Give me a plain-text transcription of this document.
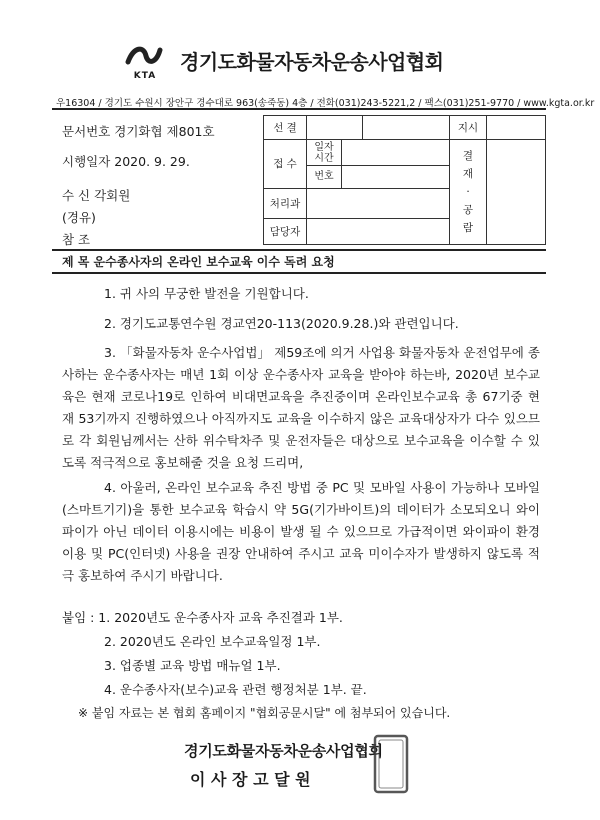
KTA
경기도화물자동차운송사업협회
우16304 / 경기도 수원시 장안구 경수대로 963(송죽동) 4층 / 전화(031)243-5221,2 / 팩스(031)251-9770 / www.kgta.or.kr
문서번호 경기화협 제801호
시행일자 2020. 9. 29.
수 신 각회원
(경유)
참 조
선 결				지시	
접 수	일자 시간			결재·공람	
	번호				
처리과					
담당자					
제 목 운수종사자의 온라인 보수교육 이수 독려 요청
1. 귀 사의 무궁한 발전을 기원합니다.
2. 경기도교통연수원 경교연20-113(2020.9.28.)와 관련입니다.
3. 「화물자동차 운수사업법」 제59조에 의거 사업용 화물자동차 운전업무에 종사하는 운수종사자는 매년 1회 이상 운수종사자 교육을 받아야 하는바, 2020년 보수교육은 현재 코로나19로 인하여 비대면교육을 추진중이며 온라인보수교육 총 67기중 현재 53기까지 진행하였으나 아직까지도 교육을 이수하지 않은 교육대상자가 다수 있으므로 각 회원님께서는 산하 위수탁차주 및 운전자들은 대상으로 보수교육을 이수할 수 있도록 적극적으로 홍보해줄 것을 요청 드리며,
4. 아울러, 온라인 보수교육 추진 방법 중 PC 및 모바일 사용이 가능하나 모바일(스마트기기)을 통한 보수교육 학습시 약 5G(기가바이트)의 데이터가 소모되오니 와이파이가 아닌 데이터 이용시에는 비용이 발생 될 수 있으므로 가급적이면 와이파이 환경 이용 및 PC(인터넷) 사용을 권장 안내하여 주시고 교육 미이수자가 발생하지 않도록 적극 홍보하여 주시기 바랍니다.
붙임 : 1. 2020년도 운수종사자 교육 추진결과 1부.
2. 2020년도 온라인 보수교육일정 1부.
3. 업종별 교육 방법 매뉴얼 1부.
4. 운수종사자(보수)교육 관련 행정처분 1부. 끝.
※ 붙임 자료는 본 협회 홈페이지 "협회공문시달" 에 첨부되어 있습니다.
경기도화물자동차운송사업협회
이 사 장 고 달 원
